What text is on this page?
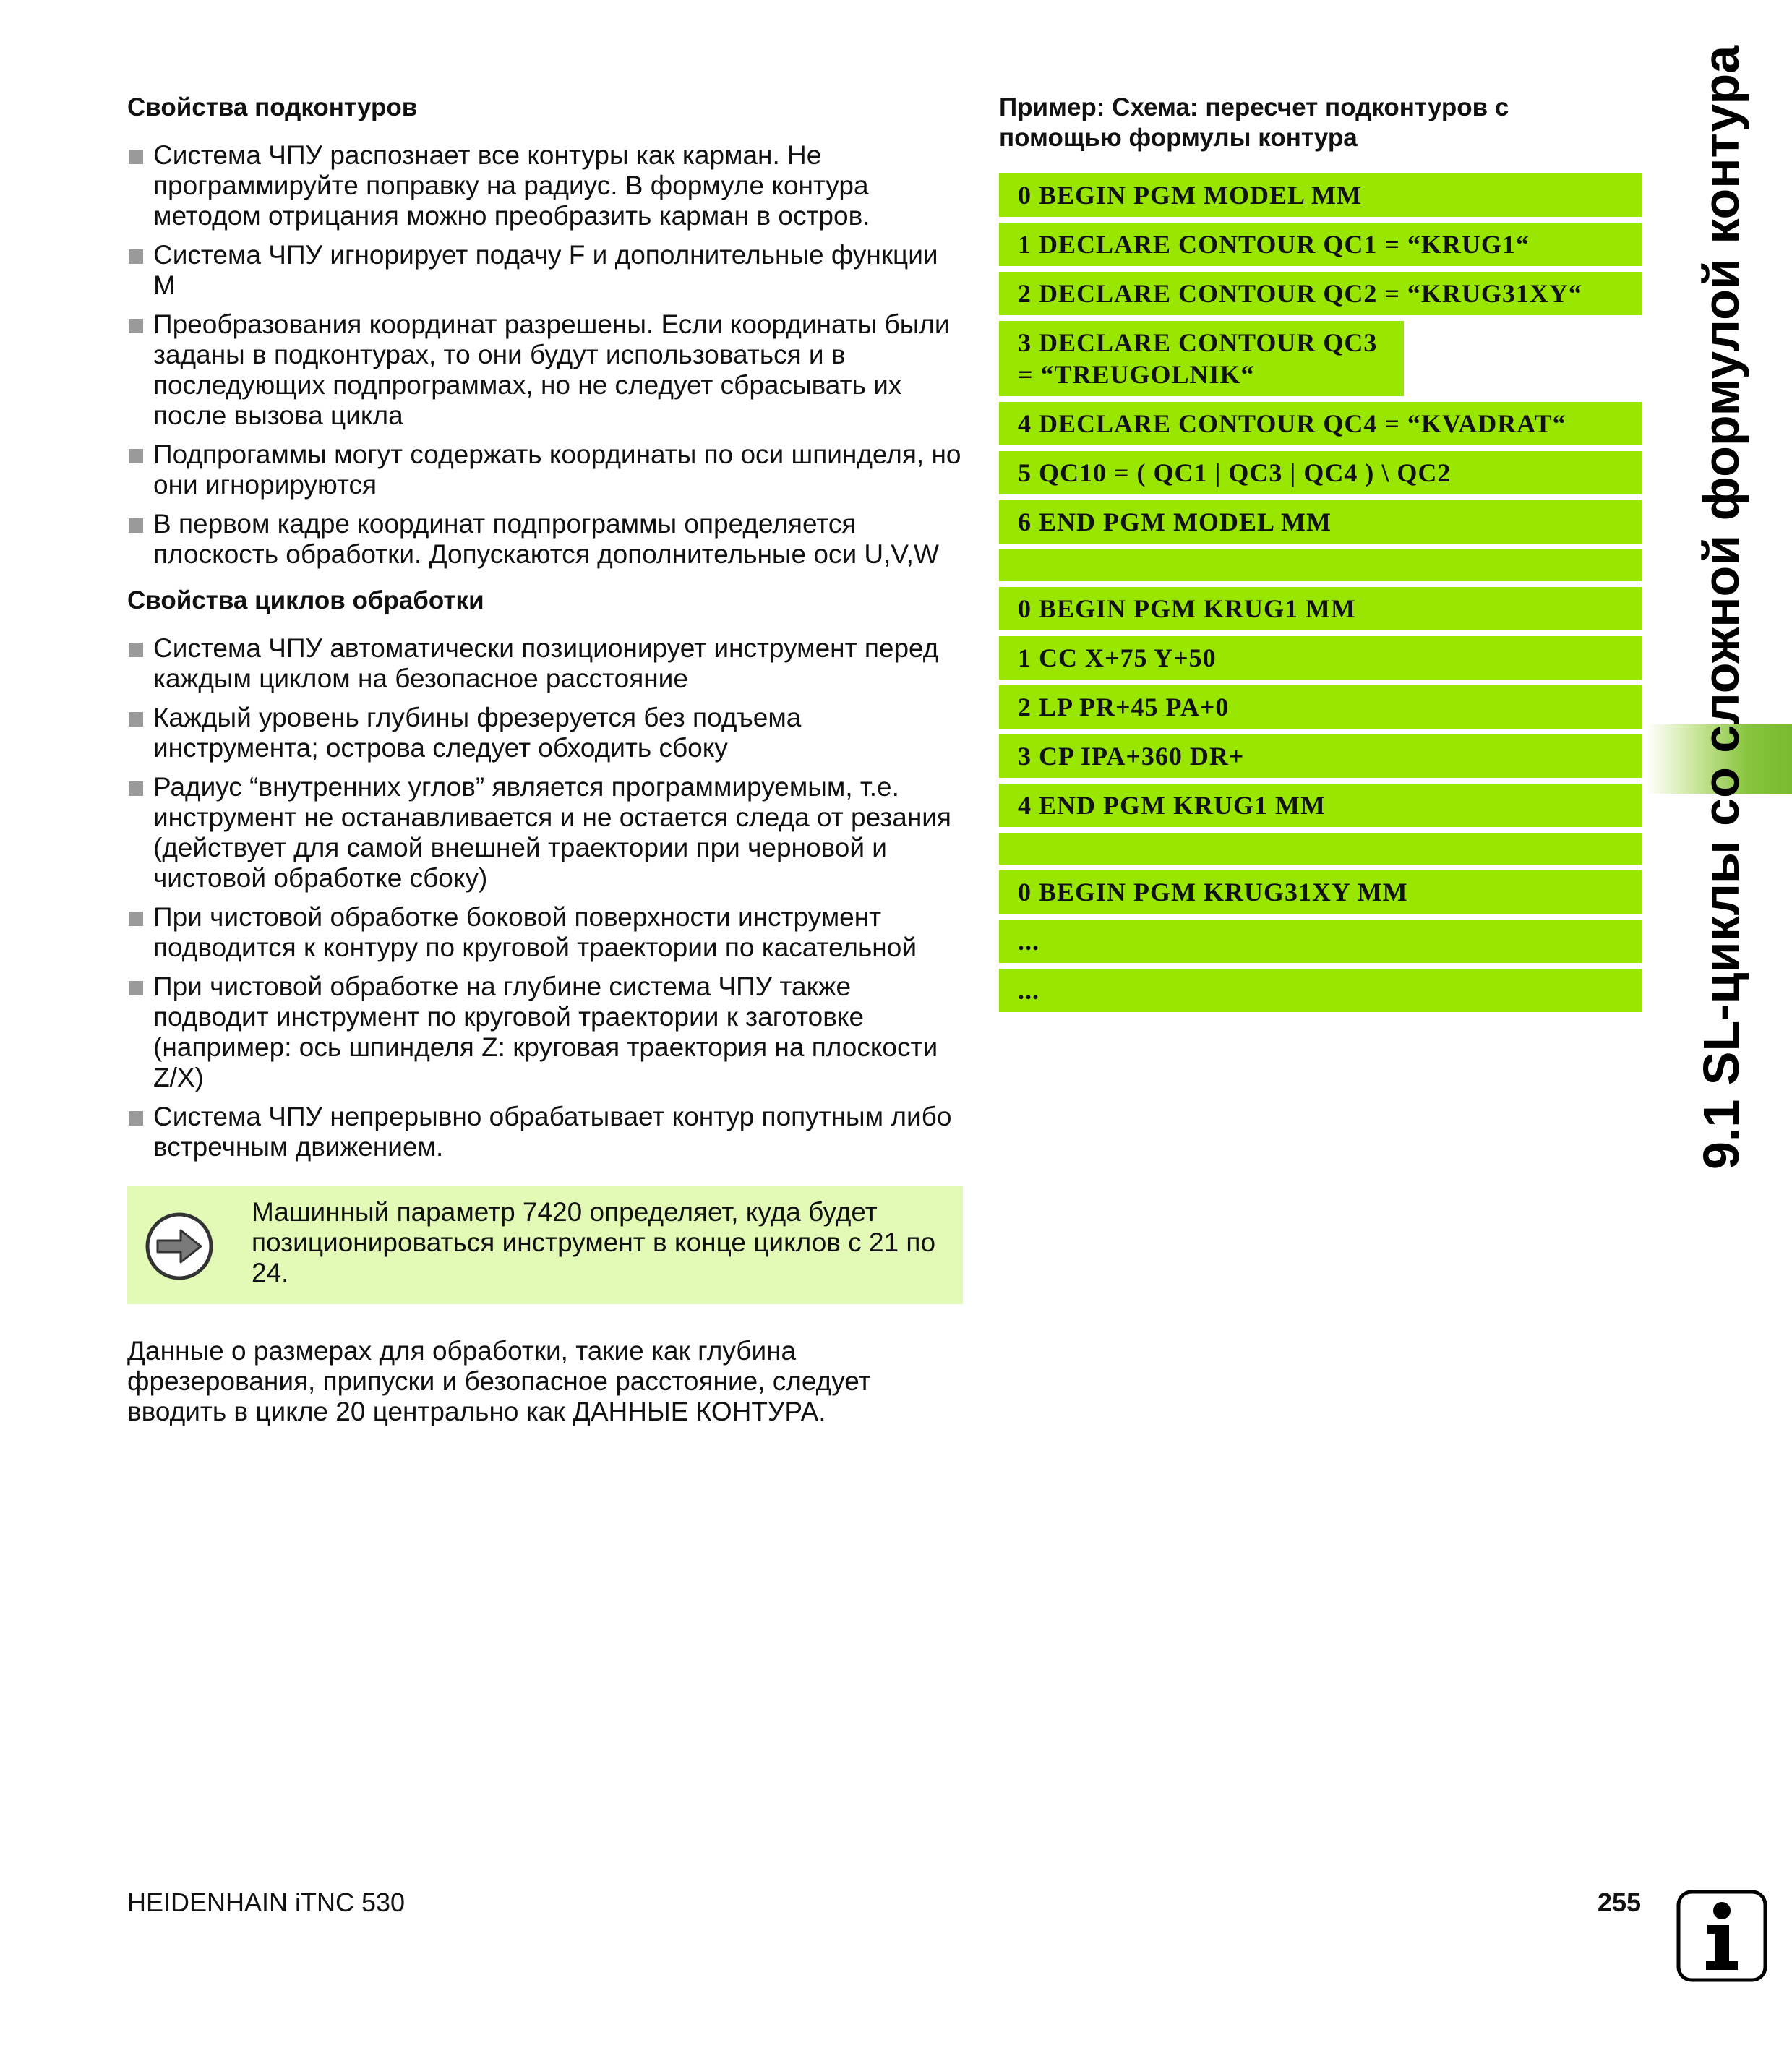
Свойства подконтуров
Система ЧПУ распознает все контуры как карман. Не программируйте поправку на радиус. В формуле контура методом отрицания можно преобразить карман в остров.
Система ЧПУ игнорирует подачу F и дополнительные функции M
Преобразования координат разрешены. Если координаты были заданы в подконтурах, то они будут использоваться и в последующих подпрограммах, но не следует сбрасывать их после вызова цикла
Подпрогаммы могут содержать координаты по оси шпинделя, но они игнорируются
В первом кадре координат подпрограммы определяется плоскость обработки. Допускаются дополнительные оси U,V,W
Свойства циклов обработки
Система ЧПУ автоматически позиционирует инструмент перед каждым циклом на безопасное расстояние
Каждый уровень глубины фрезеруется без подъема инструмента; острова следует обходить сбоку
Радиус “внутренних углов” является программируемым, т.е. инструмент не останавливается и не остается следа от резания (действует для самой внешней траектории при черновой и чистовой обработке сбоку)
При чистовой обработке боковой поверхности инструмент подводится к контуру по круговой траектории по касательной
При чистовой обработке на глубине система ЧПУ также подводит инструмент по круговой траектории к заготовке (например: ось шпинделя Z: круговая траектория на плоскости Z/X)
Система ЧПУ непрерывно обрабатывает контур попутным либо встречным движением.
Машинный параметр 7420 определяет, куда будет позиционироваться инструмент в конце циклов с 21 по 24.
Данные о размерах для обработки, такие как глубина фрезерования, припуски и безопасное расстояние, следует вводить в цикле 20 центрально как ДАННЫЕ КОНТУРА.
Пример: Схема: пересчет подконтуров с помощью формулы контура
0 BEGIN PGM MODEL MM
1 DECLARE CONTOUR QC1 = “KRUG1“
2 DECLARE CONTOUR QC2 = “KRUG31XY“
3 DECLARE CONTOUR QC3 = “TREUGOLNIK“
4 DECLARE CONTOUR QC4 = “KVADRAT“
5 QC10 = ( QC1 | QC3 | QC4 ) \ QC2
6 END PGM MODEL MM
0 BEGIN PGM KRUG1 MM
1 CC X+75 Y+50
2 LP PR+45 PA+0
3 CP IPA+360 DR+
4 END PGM KRUG1 MM
0 BEGIN PGM KRUG31XY MM
...
...	9.1 SL-циклы со сложной формулой контура
HEIDENHAIN iTNC 530	255
